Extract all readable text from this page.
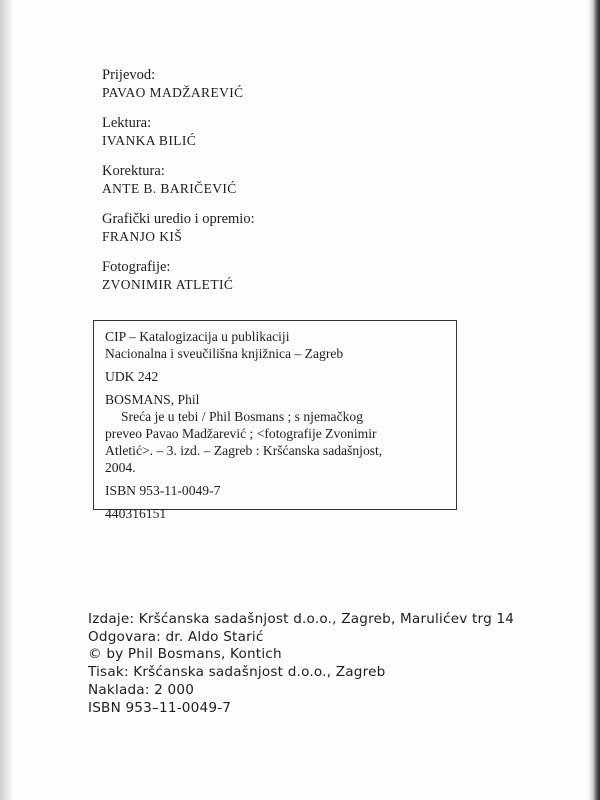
Prijevod:
PAVAO MADŽAREVIĆ
Lektura:
IVANKA BILIĆ
Korektura:
ANTE B. BARIČEVIĆ
Grafički uredio i opremio:
FRANJO KIŠ
Fotografije:
ZVONIMIR ATLETIĆ
CIP – Katalogizacija u publikaciji
Nacionalna i sveučilišna knjižnica – Zagreb
UDK 242
BOSMANS, Phil
Sreća je u tebi / Phil Bosmans ; s njemačkog
preveo Pavao Madžarević ; <fotografije Zvonimir
Atletić>. – 3. izd. – Zagreb : Kršćanska sadašnjost,
2004.
ISBN 953-11-0049-7
440316151
Izdaje: Kršćanska sadašnjost d.o.o., Zagreb, Marulićev trg 14
Odgovara: dr. Aldo Starić
© by Phil Bosmans, Kontich
Tisak: Kršćanska sadašnjost d.o.o., Zagreb
Naklada: 2 000
ISBN 953–11-0049-7
